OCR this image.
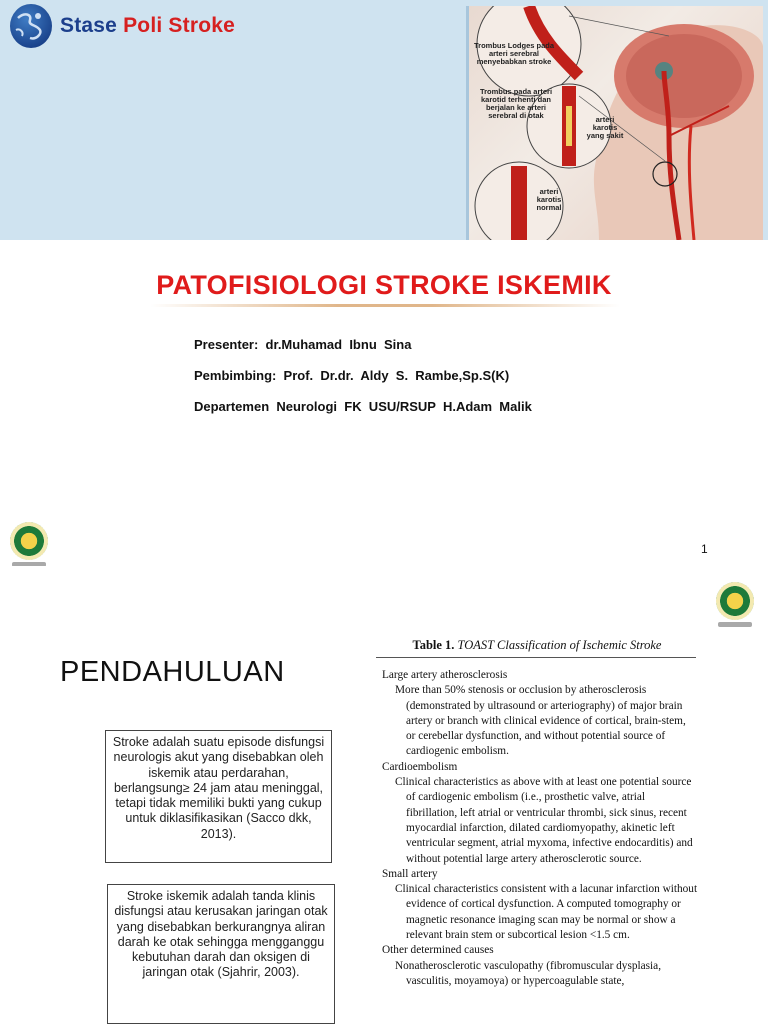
Stase Poli Stroke
Trombus Lodges pada arteri serebral menyebabkan stroke
Trombus pada arteri karotid terhenti dan berjalan ke arteri serebral di otak	arteri karotis yang sakit
arteri karotis normal
PATOFISIOLOGI STROKE ISKEMIK
Presenter:  dr.Muhamad  Ibnu  Sina
Pembimbing:  Prof.  Dr.dr.  Aldy  S.  Rambe,Sp.S(K)
Departemen  Neurologi  FK  USU/RSUP  H.Adam  Malik
1
PENDAHULUAN
Stroke adalah suatu episode disfungsi neurologis akut yang disebabkan oleh iskemik atau perdarahan, berlangsung≥ 24 jam atau meninggal, tetapi tidak memiliki bukti yang cukup untuk diklasifikasikan (Sacco dkk, 2013).
Stroke iskemik adalah tanda klinis disfungsi atau kerusakan jaringan otak yang disebabkan berkurangnya aliran darah ke otak sehingga mengganggu kebutuhan darah dan oksigen di jaringan otak (Sjahrir, 2003).
Table 1. TOAST Classification of Ischemic Stroke

Large artery atherosclerosis

More than 50% stenosis or occlusion by atherosclerosis (demonstrated by ultrasound or arteriography) of major brain artery or branch with clinical evidence of cortical, brain-stem, or cerebellar dysfunction, and without potential source of cardiogenic embolism.

Cardioembolism

Clinical characteristics as above with at least one potential source of cardiogenic embolism (i.e., prosthetic valve, atrial fibrillation, left atrial or ventricular thrombi, sick sinus, recent myocardial infarction, dilated cardiomyopathy, akinetic left ventricular segment, atrial myxoma, infective endocarditis) and without potential large artery atherosclerotic source.

Small artery

Clinical characteristics consistent with a lacunar infarction without evidence of cortical dysfunction. A computed tomography or magnetic resonance imaging scan may be normal or show a relevant brain stem or subcortical lesion <1.5 cm.

Other determined causes

Nonatherosclerotic vasculopathy (fibromuscular dysplasia, vasculitis, moyamoya) or hypercoagulable state,
